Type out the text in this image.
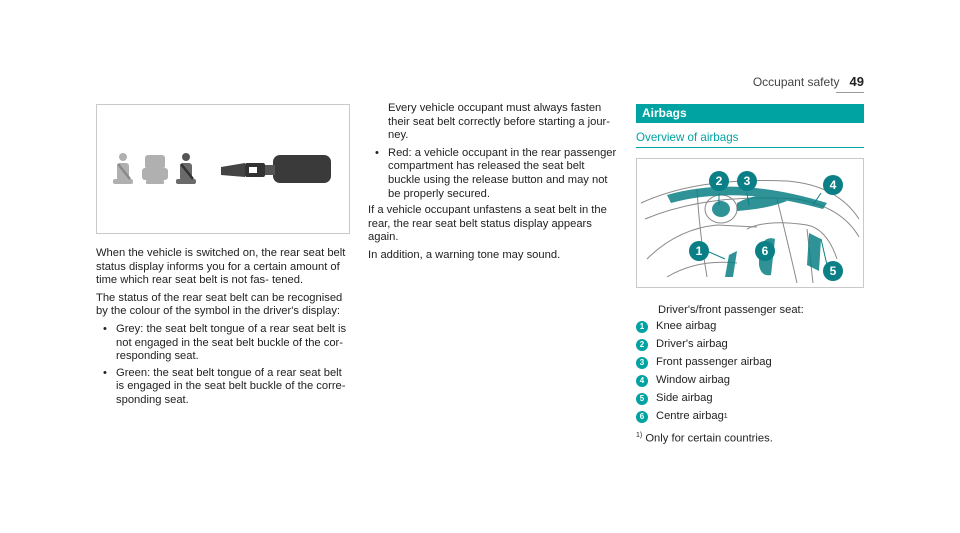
Occupant safety 49

When the vehicle is switched on, the rear seat belt status display informs you for a certain amount of time which rear seat belt is not fas- tened.

The status of the rear seat belt can be recognised by the colour of the symbol in the driver's display:

• Grey: the seat belt tongue of a rear seat belt is not engaged in the seat belt buckle of the cor- responding seat.
• Green: the seat belt tongue of a rear seat belt is engaged in the seat belt buckle of the corre- sponding seat.

Every vehicle occupant must always fasten their seat belt correctly before starting a jour- ney.

• Red: a vehicle occupant in the rear passenger compartment has released the seat belt buckle using the release button and may not be properly secured.

If a vehicle occupant unfastens a seat belt in the rear, the rear seat belt status display appears again.

In addition, a warning tone may sound.

Airbags
Overview of airbags
2 3	4
1	6
5
Driver's/front passenger seat:
1	Knee airbag
2	Driver's airbag
3	Front passenger airbag
4	Window airbag
5	Side airbag
6	Centre airbag 1
$^{1)}$ Only for certain countries.
